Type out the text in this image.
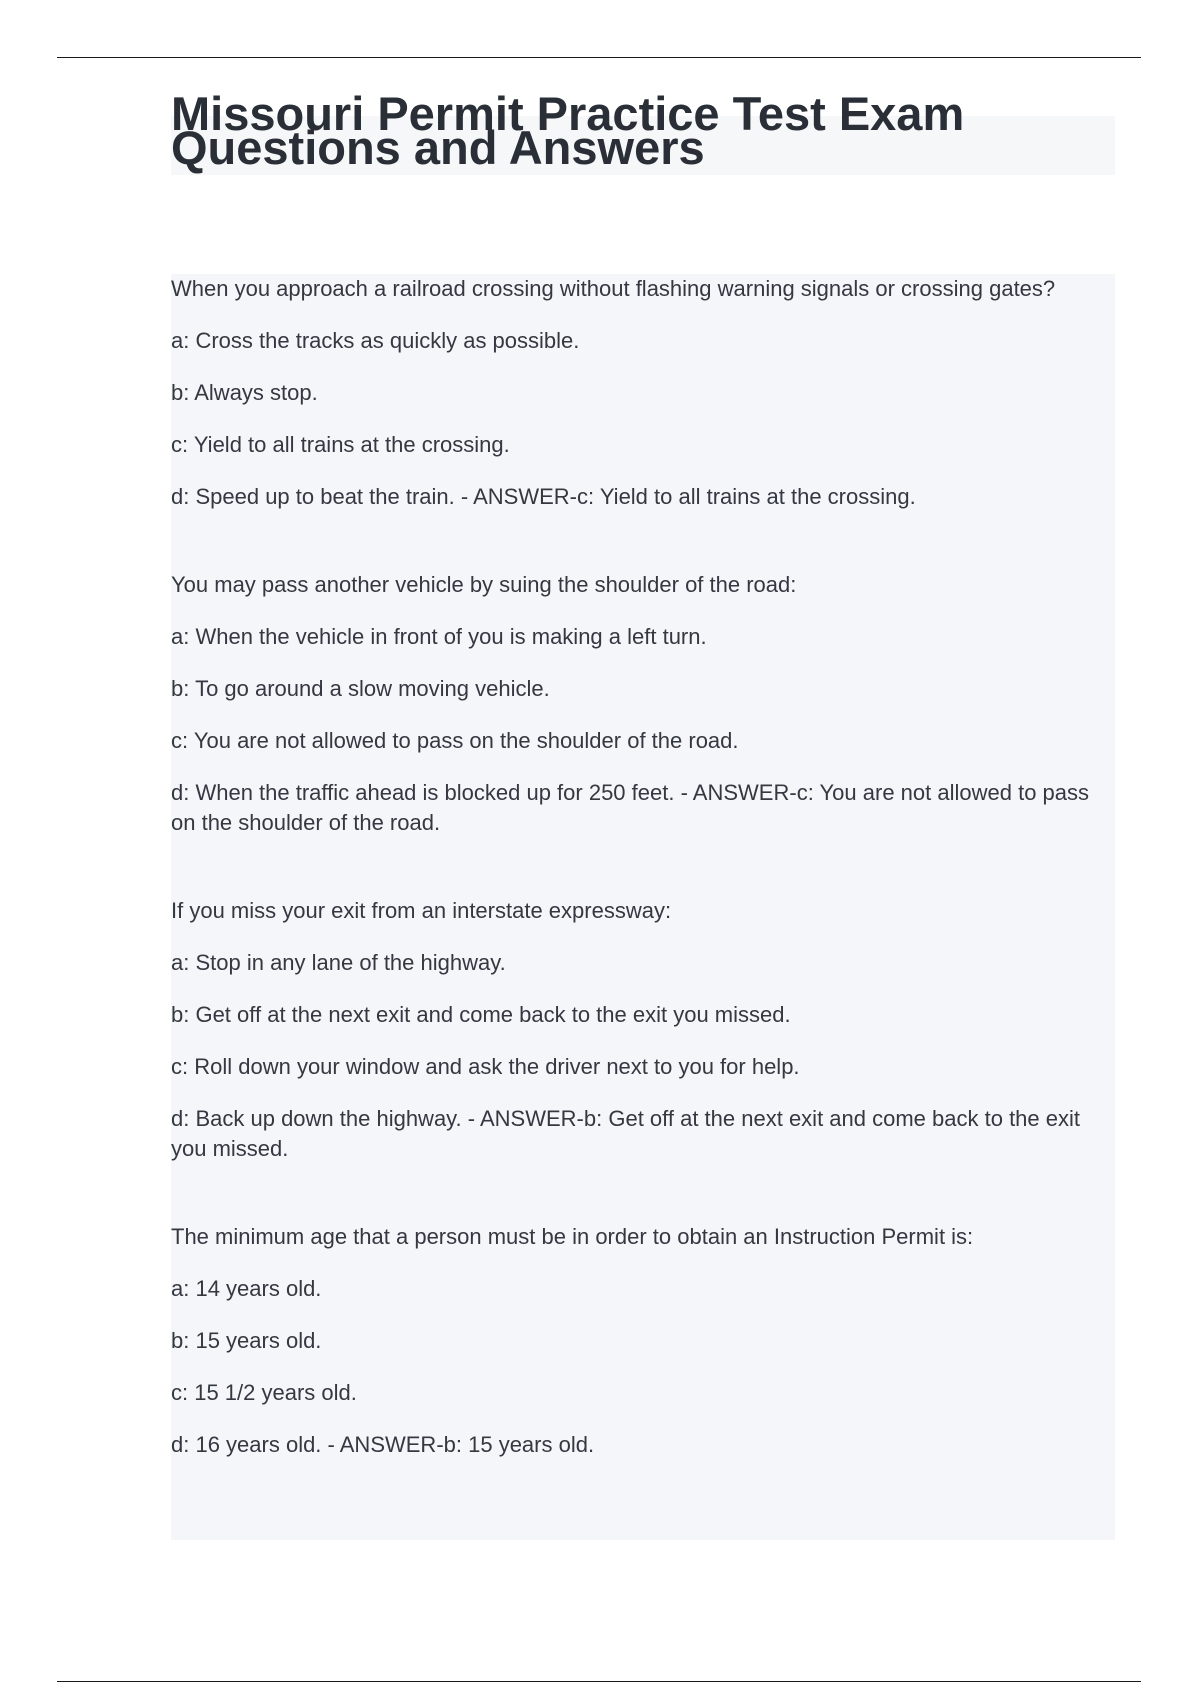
Missouri Permit Practice Test Exam Questions and Answers
When you approach a railroad crossing without flashing warning signals or crossing gates?
a: Cross the tracks as quickly as possible.
b: Always stop.
c: Yield to all trains at the crossing.
d: Speed up to beat the train. - ANSWER-c: Yield to all trains at the crossing.
You may pass another vehicle by suing the shoulder of the road:
a: When the vehicle in front of you is making a left turn.
b: To go around a slow moving vehicle.
c: You are not allowed to pass on the shoulder of the road.
d: When the traffic ahead is blocked up for 250 feet. - ANSWER-c: You are not allowed to pass on the shoulder of the road.
If you miss your exit from an interstate expressway:
a: Stop in any lane of the highway.
b: Get off at the next exit and come back to the exit you missed.
c: Roll down your window and ask the driver next to you for help.
d: Back up down the highway. - ANSWER-b: Get off at the next exit and come back to the exit you missed.
The minimum age that a person must be in order to obtain an Instruction Permit is:
a: 14 years old.
b: 15 years old.
c: 15 1/2 years old.
d: 16 years old. - ANSWER-b: 15 years old.
